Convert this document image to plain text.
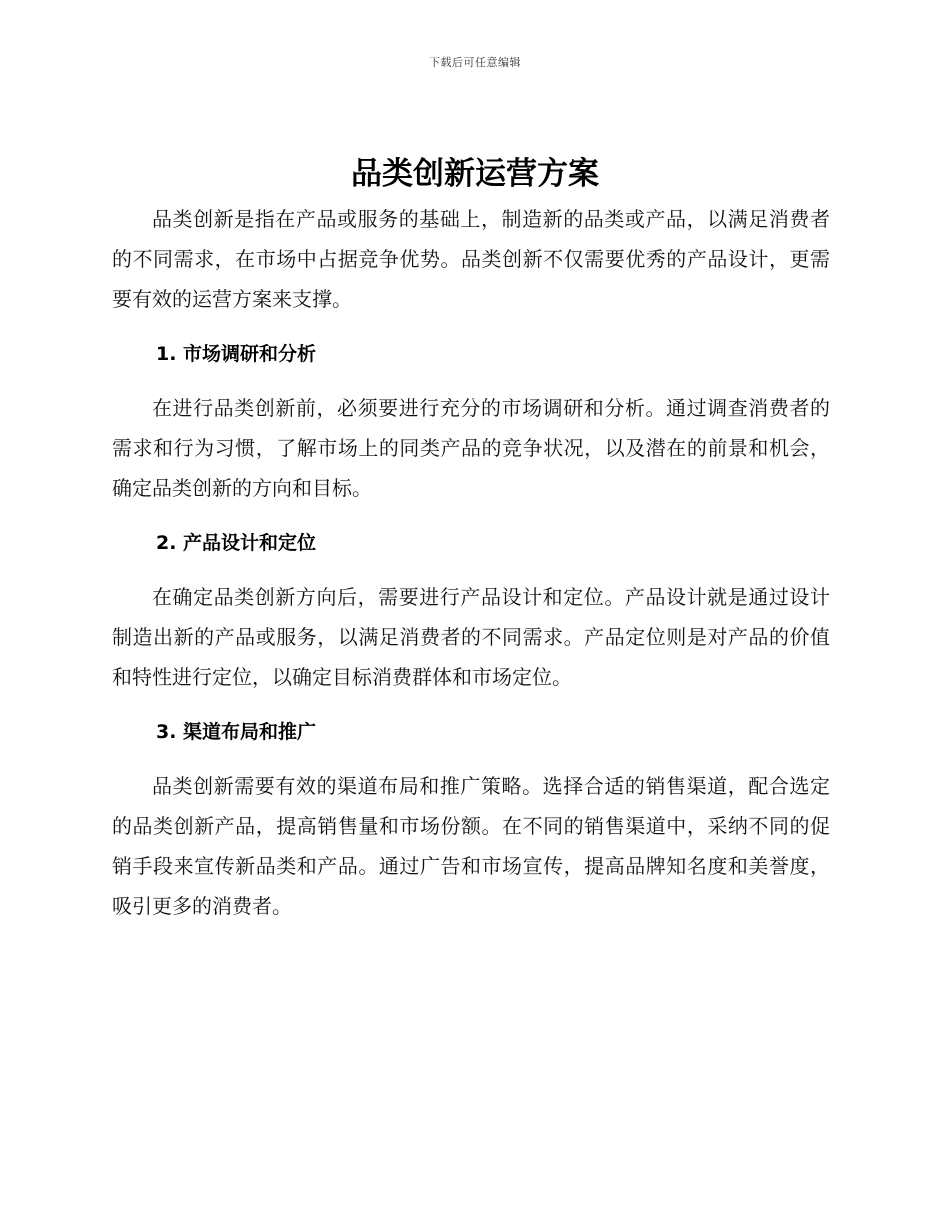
下载后可任意编辑
品类创新运营方案

品类创新是指在产品或服务的基础上，制造新的品类或产品，以满足消费者的不同需求，在市场中占据竞争优势。品类创新不仅需要优秀的产品设计，更需要有效的运营方案来支撑。

1. 市场调研和分析

在进行品类创新前，必须要进行充分的市场调研和分析。通过调查消费者的需求和行为习惯，了解市场上的同类产品的竞争状况，以及潜在的前景和机会，确定品类创新的方向和目标。

2. 产品设计和定位

在确定品类创新方向后，需要进行产品设计和定位。产品设计就是通过设计制造出新的产品或服务，以满足消费者的不同需求。产品定位则是对产品的价值和特性进行定位，以确定目标消费群体和市场定位。

3. 渠道布局和推广

品类创新需要有效的渠道布局和推广策略。选择合适的销售渠道，配合选定的品类创新产品，提高销售量和市场份额。在不同的销售渠道中，采纳不同的促销手段来宣传新品类和产品。通过广告和市场宣传，提高品牌知名度和美誉度，吸引更多的消费者。
